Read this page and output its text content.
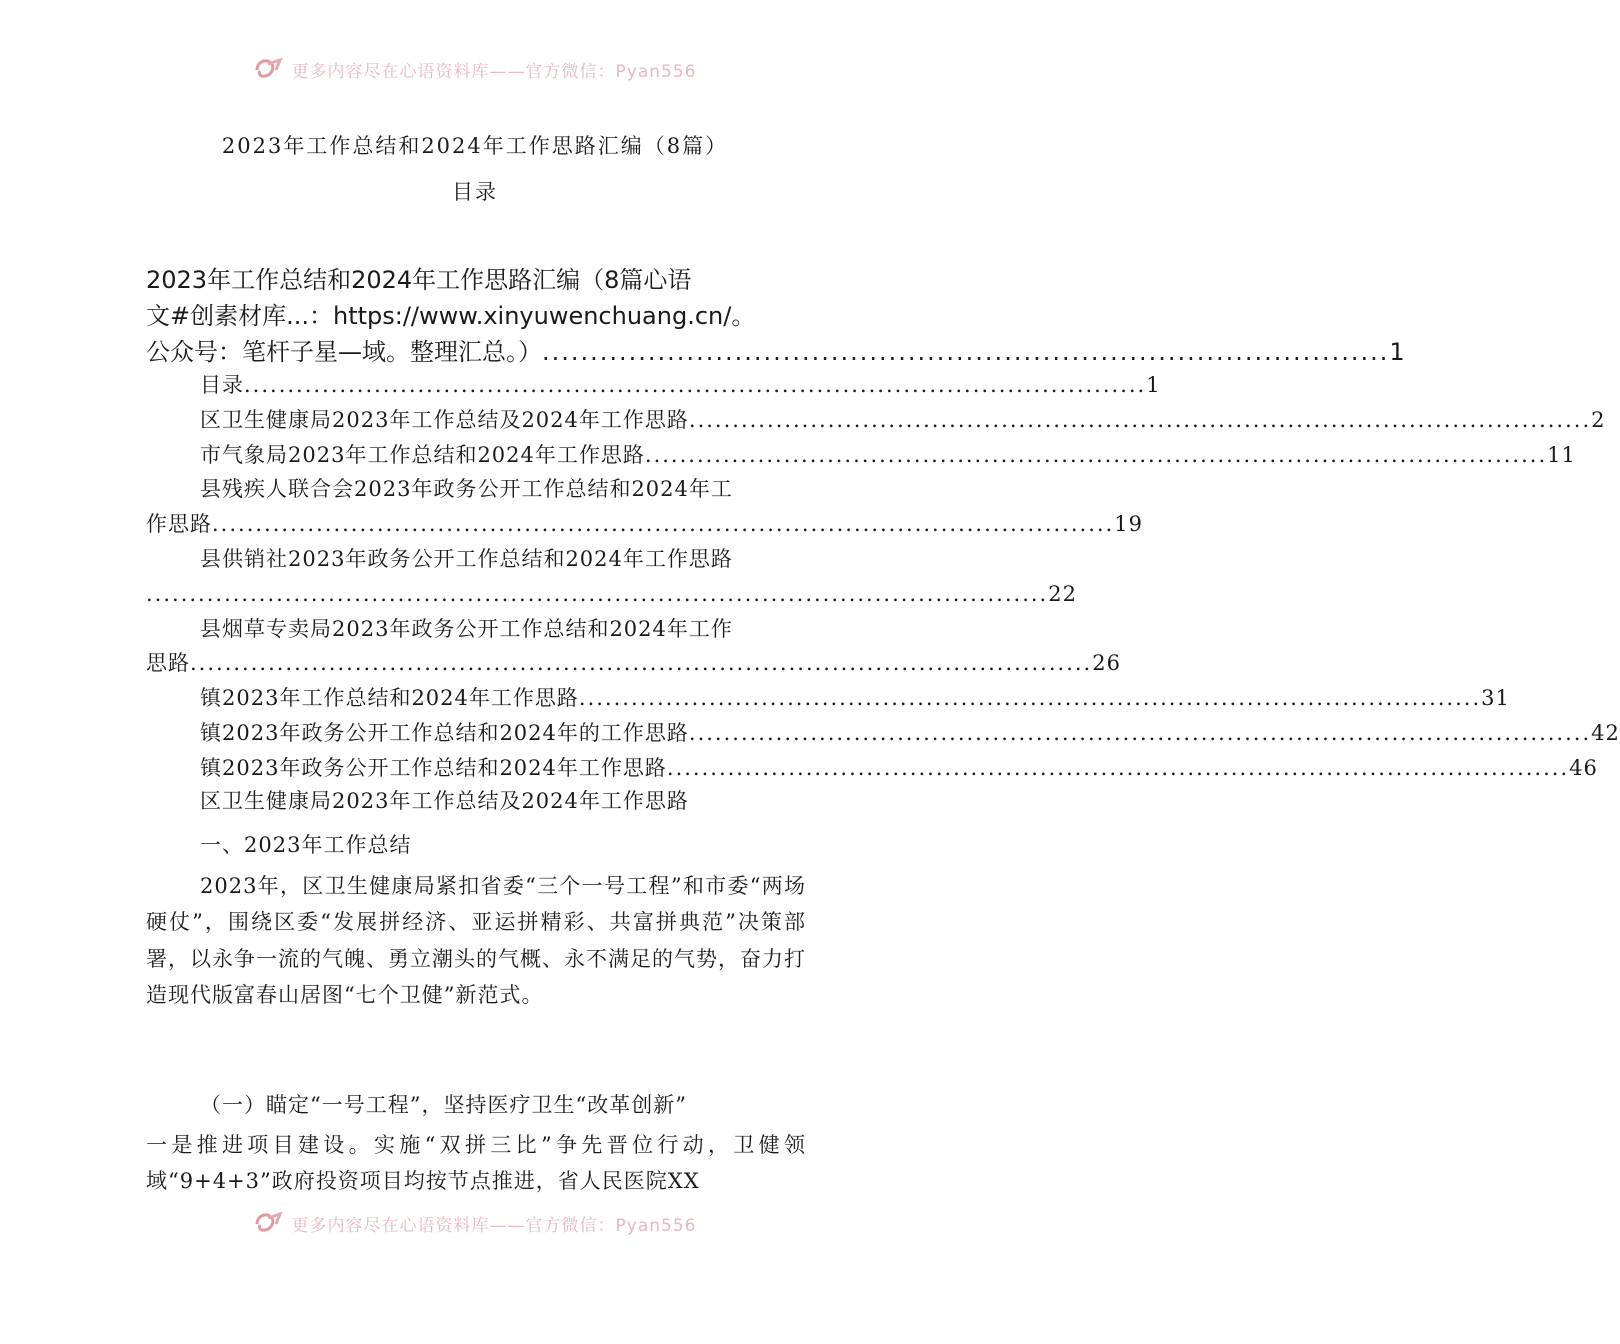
更多内容尽在心语资料库——官方微信：Pyan556
2023年工作总结和2024年工作思路汇编（8篇）
目录
2023年工作总结和2024年工作思路汇编（8篇心语
文#创素材库...：https://www.xinyuwenchuang.cn/。
公众号：笔杆子星—域。整理汇总。） ........................................................................................ 1
目录 ........................................................................................................ 1
区卫生健康局2023年工作总结及2024年工作思路 ........................................................................................................ 2
市气象局2023年工作总结和2024年工作思路 ........................................................................................................ 11
县残疾人联合会2023年政务公开工作总结和2024年工
作思路 ........................................................................................................ 19
县供销社2023年政务公开工作总结和2024年工作思路
........................................................................................................ 22
县烟草专卖局2023年政务公开工作总结和2024年工作
思路 ........................................................................................................ 26
镇2023年工作总结和2024年工作思路 ........................................................................................................ 31
镇2023年政务公开工作总结和2024年的工作思路 ........................................................................................................ 42
镇2023年政务公开工作总结和2024年工作思路 ........................................................................................................ 46
区卫生健康局2023年工作总结及2024年工作思路
一、2023年工作总结
2023年，区卫生健康局紧扣省委“三个一号工程”和市委“两场硬仗”，围绕区委“发展拼经济、亚运拼精彩、共富拼典范”决策部署，以永争一流的气魄、勇立潮头的气概、永不满足的气势，奋力打造现代版富春山居图“七个卫健”新范式。
（一）瞄定“一号工程”，坚持医疗卫生“改革创新”
一是推进项目建设。实施“双拼三比”争先晋位行动，卫健领域“9+4+3”政府投资项目均按节点推进，省人民医院XX
更多内容尽在心语资料库——官方微信：Pyan556
